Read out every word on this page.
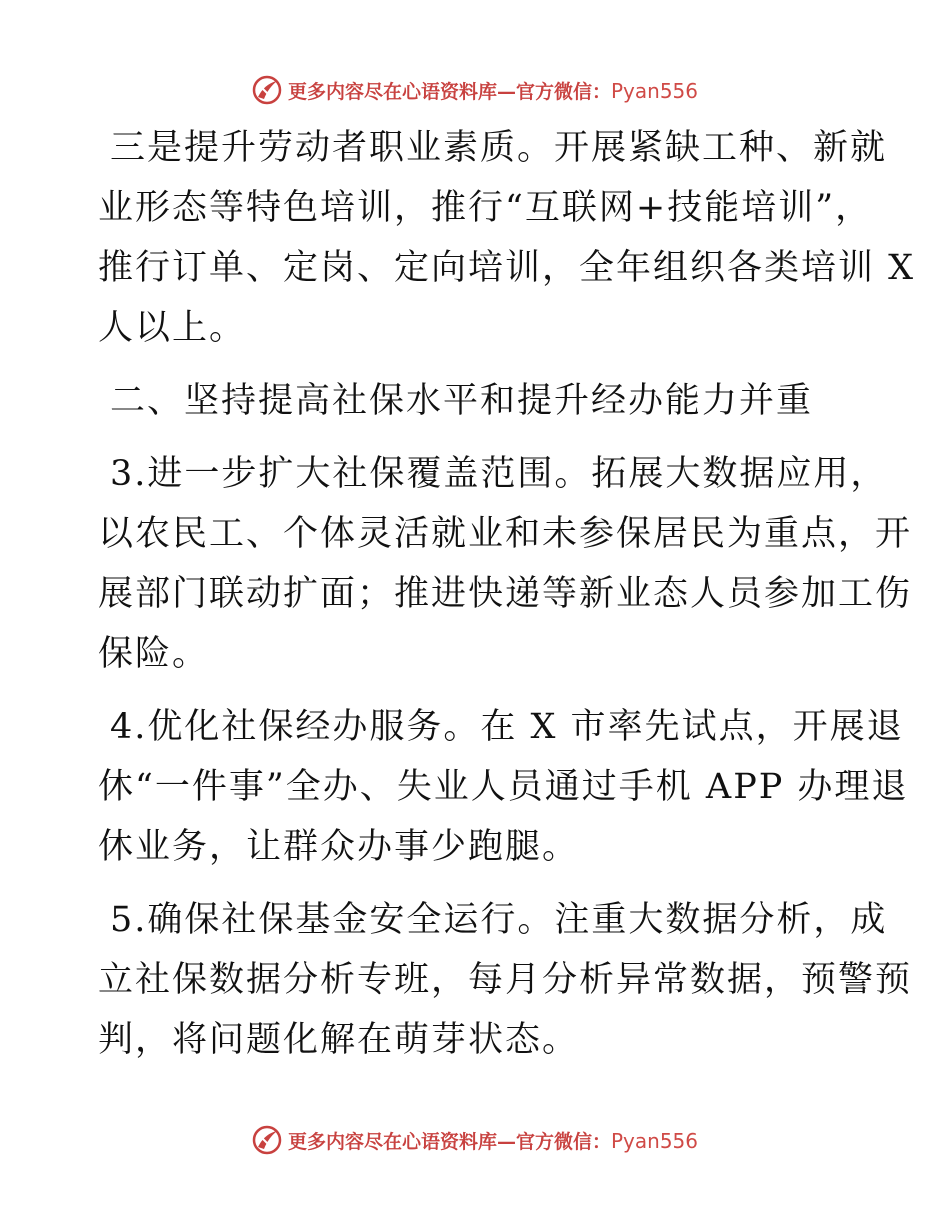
更多内容尽在心语资料库—官方微信：Pyan556
三是提升劳动者职业素质。开展紧缺工种、新就
业形态等特色培训，推行“互联网+技能培训”，
推行订单、定岗、定向培训，全年组织各类培训 X
人以上。
二、坚持提高社保水平和提升经办能力并重
3.进一步扩大社保覆盖范围。拓展大数据应用，
以农民工、个体灵活就业和未参保居民为重点，开
展部门联动扩面；推进快递等新业态人员参加工伤
保险。
4.优化社保经办服务。在 X 市率先试点，开展退
休“一件事”全办、失业人员通过手机 APP 办理退
休业务，让群众办事少跑腿。
5.确保社保基金安全运行。注重大数据分析，成
立社保数据分析专班，每月分析异常数据，预警预
判，将问题化解在萌芽状态。
更多内容尽在心语资料库—官方微信：Pyan556
